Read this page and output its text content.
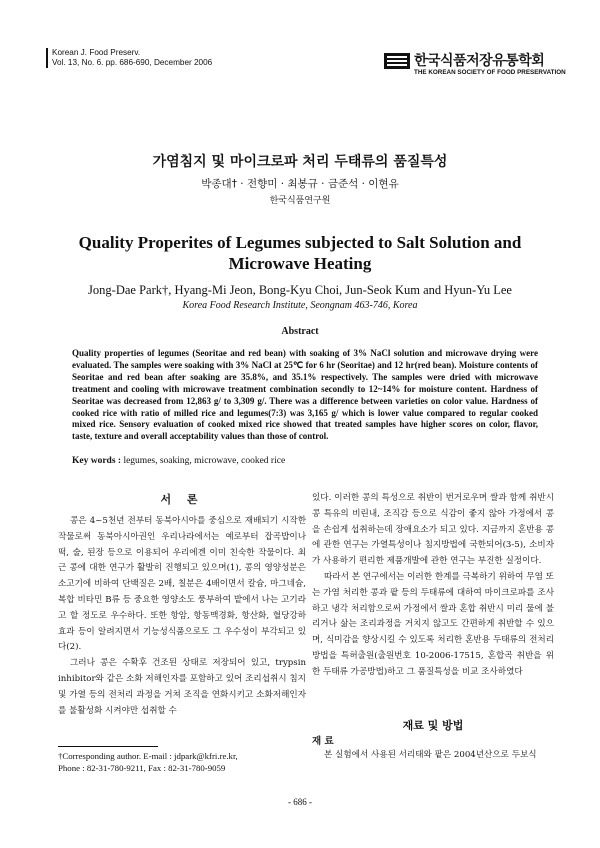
Korean J. Food Preserv.
Vol. 13, No. 6. pp. 686-690, December 2006	한국식품저장유통학회
THE KOREAN SOCIETY OF FOOD PRESERVATION
가염침지 및 마이크로파 처리 두태류의 품질특성
박종대† · 전향미 · 최봉규 · 금준석 · 이현유
한국식품연구원
Quality Properites of Legumes subjected to Salt Solution and Microwave Heating
Jong-Dae Park†, Hyang-Mi Jeon, Bong-Kyu Choi, Jun-Seok Kum and Hyun-Yu Lee
Korea Food Research Institute, Seongnam 463-746, Korea
Abstract
Quality properties of legumes (Seoritae and red bean) with soaking of 3% NaCl solution and microwave drying were evaluated. The samples were soaking with 3% NaCl at 25℃ for 6 hr (Seoritae) and 12 hr(red bean). Moisture contents of Seoritae and red bean after soaking are 35.8%, and 35.1% respectively. The samples were dried with microwave treatment and cooling with microwave treatment combination secondly to 12~14% for moisture content. Hardness of Seoritae was decreased from 12,863 g/ to 3,309 g/. There was a difference between varieties on color value. Hardness of cooked rice with ratio of milled rice and legumes(7:3) was 3,165 g/ which is lower value compared to regular cooked mixed rice. Sensory evaluation of cooked mixed rice showed that treated samples have higher scores on color, flavor, taste, texture and overall acceptability values than those of control.
Key words : legumes, soaking, microwave, cooked rice
서 론

콩은 4~5천년 전부터 동북아시아를 중심으로 재배되기 시작한 작물로써 동북아시아권인 우리나라에서는 예로부터 잡곡밥이나 떡, 술, 된장 등으로 이용되어 우리에겐 이미 친숙한 작물이다. 최근 콩에 대한 연구가 활발히 진행되고 있으며(1), 콩의 영양성분은 소고기에 비하여 단백질은 2배, 칠분은 4배이면서 칼슘, 마그네슘, 복합 비타민 B류 등 중요한 영양소도 풍부하여 밭에서 나는 고기라고 할 정도로 우수하다. 또한 항암, 항동맥경화, 항산화, 혈당강하 효과 등이 알려지면서 기능성식품으로도 그 우수성이 부각되고 있다(2).

그러나 콩은 수확후 건조된 상태로 저장되어 있고, trypsin inhibitor와 같은 소화 저해인자를 포함하고 있어 조리섭취시 침지 및 가열 등의 전처리 과정을 거쳐 조직을 연화시키고 소화저해인자를 불활성화 시켜야만 섭취할 수

있다. 이러한 콩의 특성으로 취반이 번거로우며 쌀과 함께 취반시 콩 특유의 비린내, 조직감 등으로 식감이 좋지 않아 가정에서 콩을 손쉽게 섭취하는데 장애요소가 되고 있다. 지금까지 혼반용 콩에 관한 연구는 가열특성이나 침지방법에 국한되어(3-5), 소비자가 사용하기 편리한 제품개발에 관한 연구는 부진한 실정이다.

따라서 본 연구에서는 이러한 한계를 극복하기 위하여 무염 또는 가염 처리한 콩과 팥 등의 두태류에 대하여 마이크로파를 조사하고 냉각 처리함으로써 가정에서 쌀과 혼합 취반시 미리 물에 불리거나 삶는 조리과정을 거치지 않고도 간편하게 취반할 수 있으며, 식미감을 향상시킬 수 있도록 처리한 혼반용 두태류의 전처리 방법을 특허출원(출원번호 10-2006-17515, 혼합곡 취반을 위한 두태류 가공방법)하고 그 품질특성을 비교 조사하였다

재료 및 방법
재 료

본 실험에서 사용된 서리태와 팥은 2004년산으로 두보식

†Corresponding author. E-mail : jdpark@kfri.re.kr,
Phone : 82-31-780-9211, Fax : 82-31-780-9059
- 686 -
